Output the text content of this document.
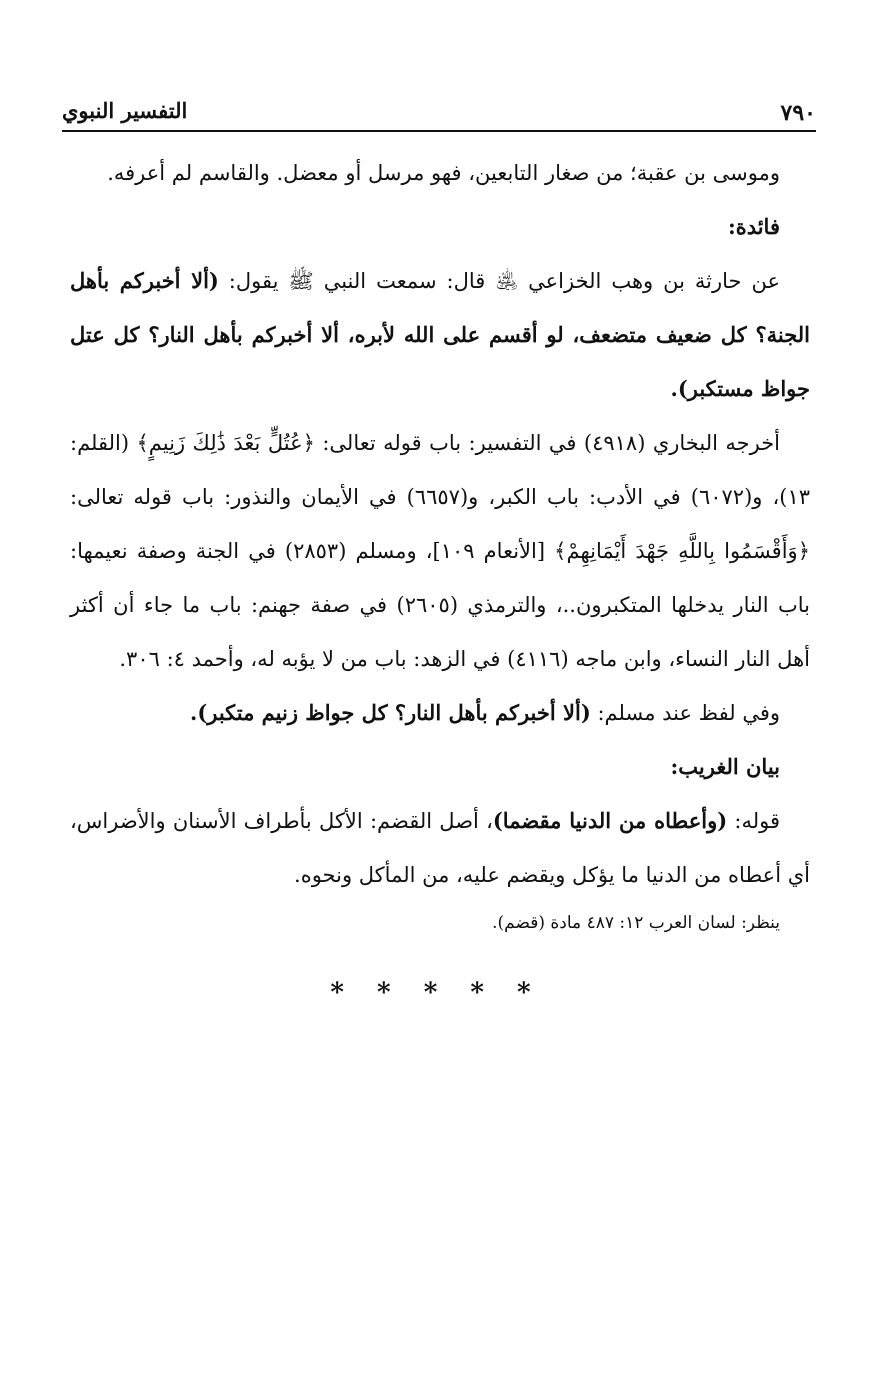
٧٩٠
التفسير النبوي

وموسى بن عقبة؛ من صغار التابعين، فهو مرسل أو معضل. والقاسم لم أعرفه.

فائدة:

عن حارثة بن وهب الخزاعي ﵁ قال: سمعت النبي ﷺ يقول: (ألا أخبركم بأهل الجنة؟ كل ضعيف متضعف، لو أقسم على الله لأبره، ألا أخبركم بأهل النار؟ كل عتل جواظ مستكبر).

أخرجه البخاري (٤٩١٨) في التفسير: باب قوله تعالى: ﴿عُتُلٍّ بَعْدَ ذَٰلِكَ زَنِيمٍ﴾ (القلم: ١٣)، و(٦٠٧٢) في الأدب: باب الكبر، و(٦٦٥٧) في الأيمان والنذور: باب قوله تعالى: ﴿وَأَقْسَمُوا بِاللَّهِ جَهْدَ أَيْمَانِهِمْ﴾ [الأنعام ١٠٩]، ومسلم (٢٨٥٣) في الجنة وصفة نعيمها: باب النار يدخلها المتكبرون..، والترمذي (٢٦٠٥) في صفة جهنم: باب ما جاء أن أكثر أهل النار النساء، وابن ماجه (٤١١٦) في الزهد: باب من لا يؤبه له، وأحمد ٤: ٣٠٦.

وفي لفظ عند مسلم: (ألا أخبركم بأهل النار؟ كل جواظ زنيم متكبر).

بيان الغريب:

قوله: (وأعطاه من الدنيا مقضما)، أصل القضم: الأكل بأطراف الأسنان والأضراس، أي أعطاه من الدنيا ما يؤكل ويقضم عليه، من المأكل ونحوه.

ينظر: لسان العرب ١٢: ٤٨٧ مادة (قضم).

* * * * *
